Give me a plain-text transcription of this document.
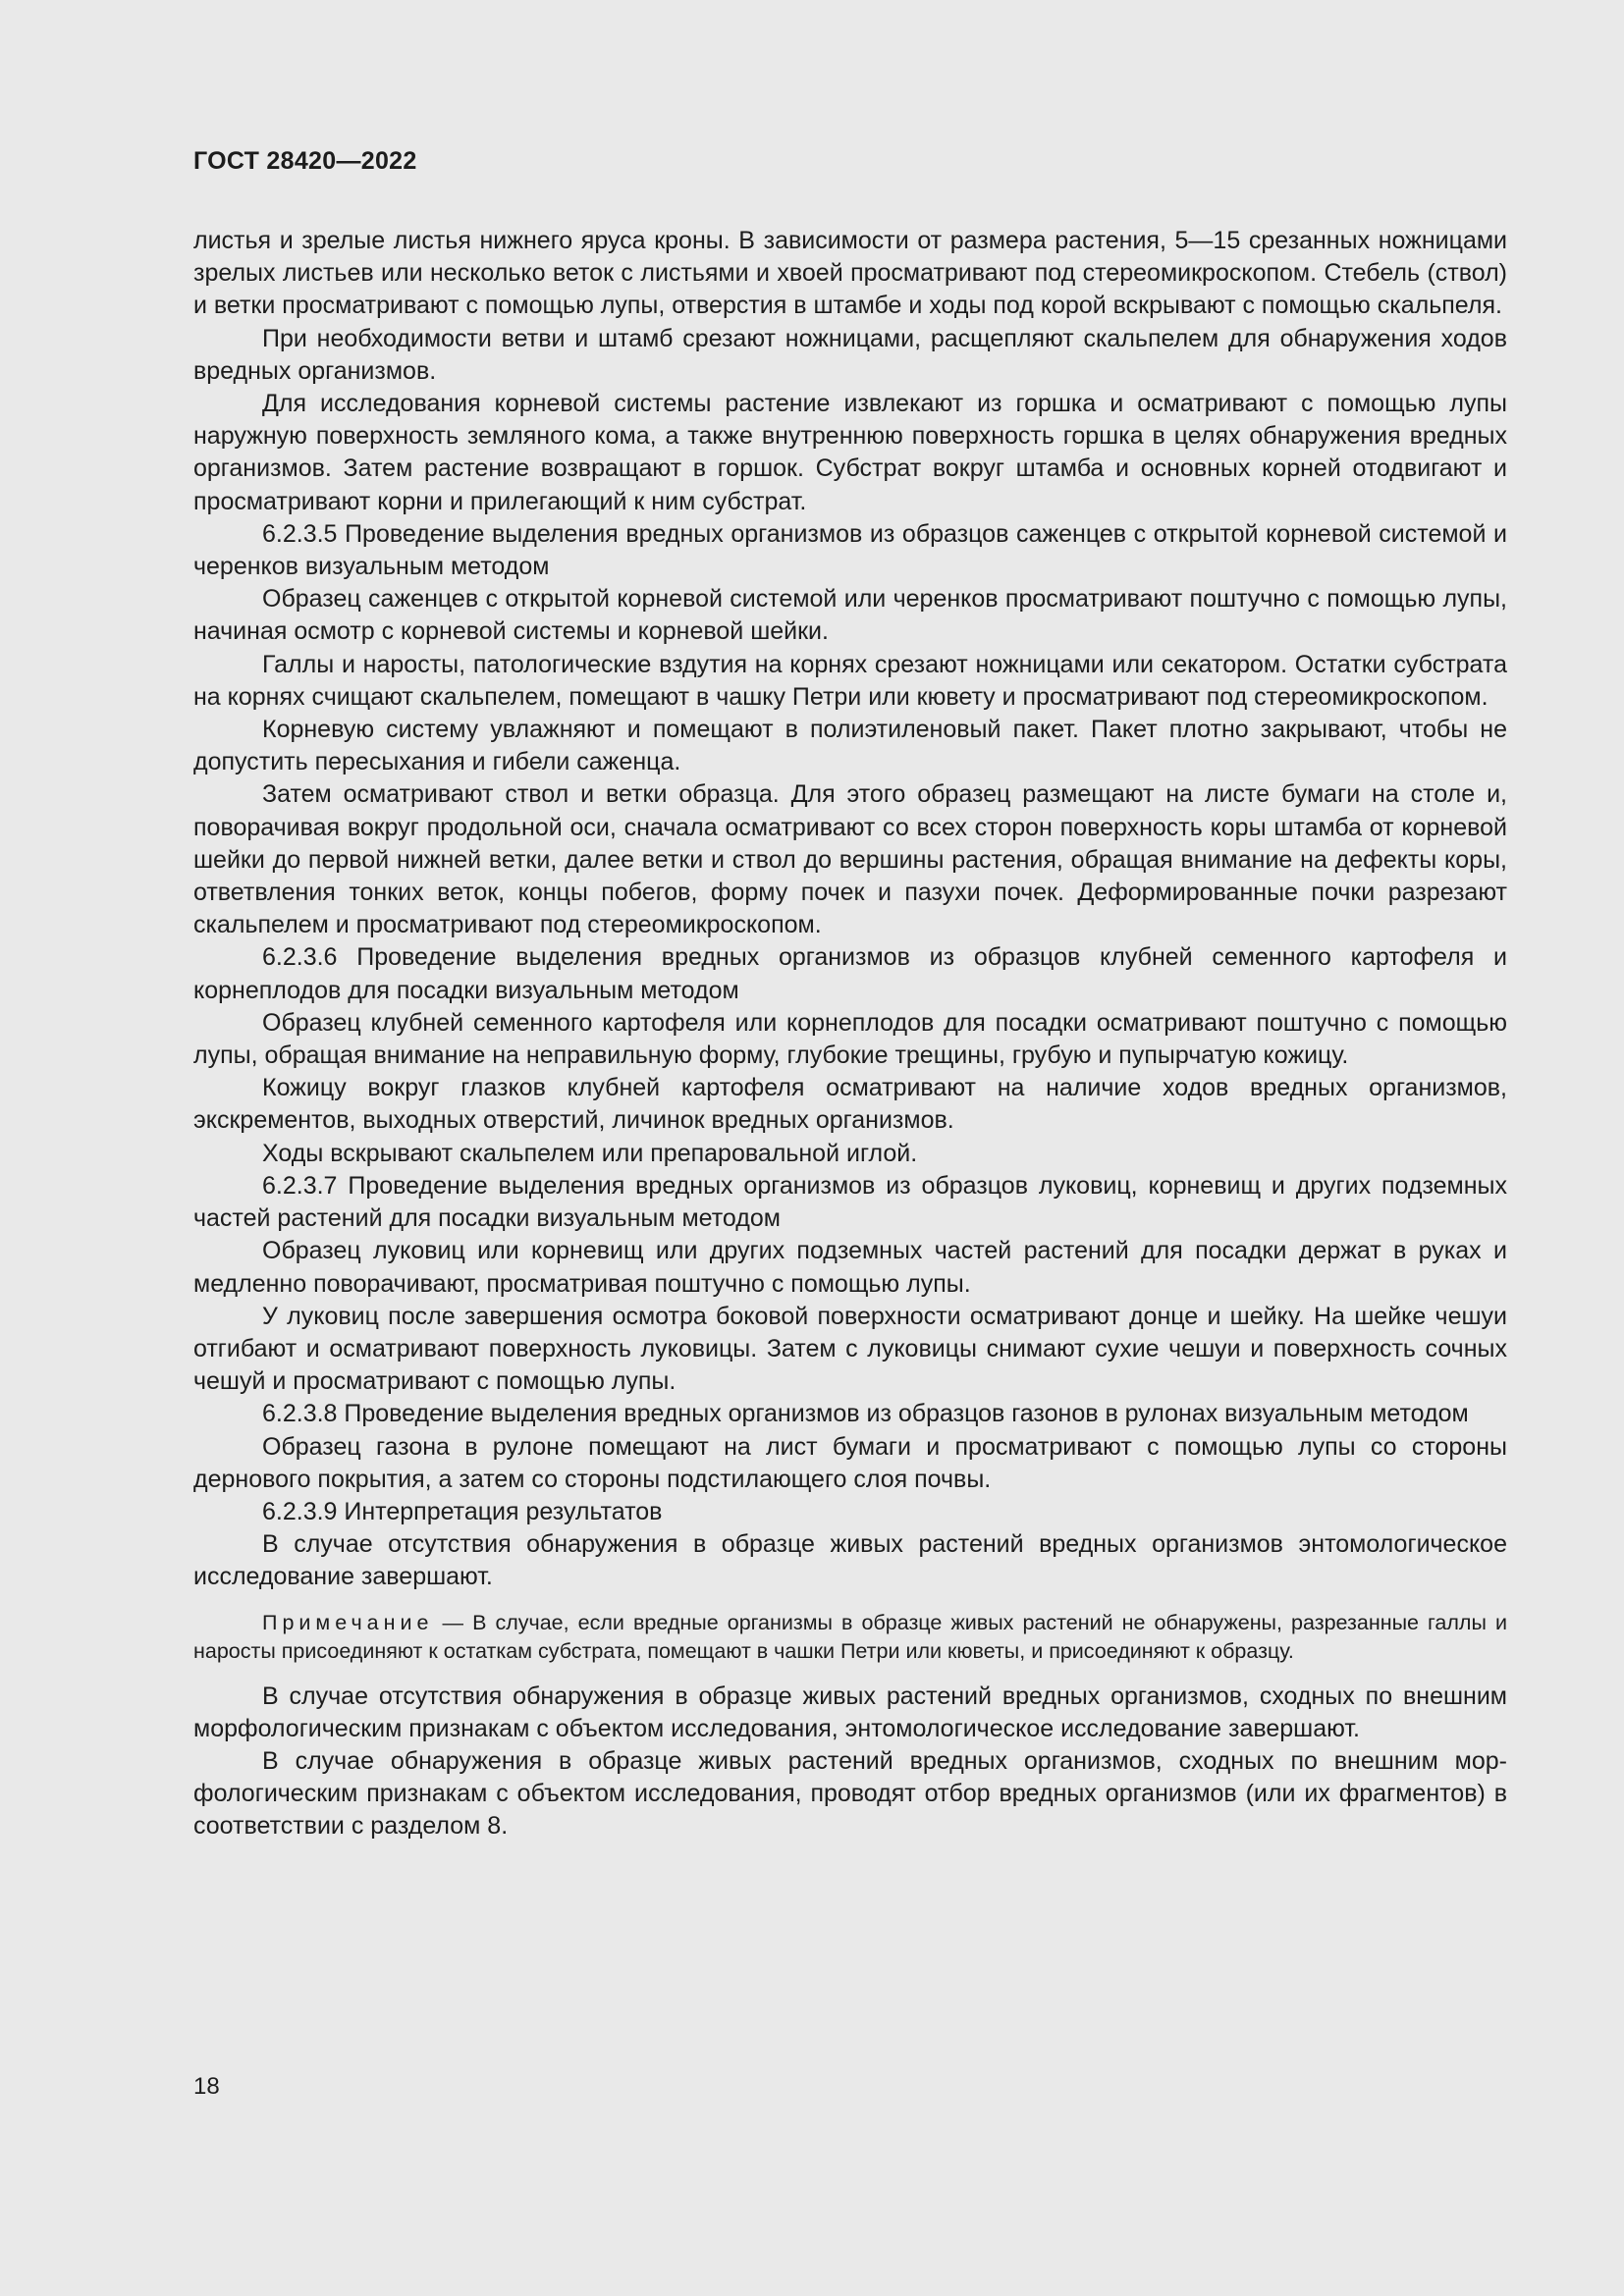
ГОСТ 28420—2022

листья и зрелые листья нижнего яруса кроны. В зависимости от размера растения, 5—15 срезанных ножницами зрелых листьев или несколько веток с листьями и хвоей просматривают под стереомикроскопом. Стебель (ствол) и ветки просматривают с помощью лупы, отверстия в штамбе и ходы под корой вскрывают с помощью скальпеля.

При необходимости ветви и штамб срезают ножницами, расщепляют скальпелем для обнаружения ходов вредных организмов.

Для исследования корневой системы растение извлекают из горшка и осматривают с помощью лупы наружную поверхность земляного кома, а также внутреннюю поверхность горшка в целях обнаружения вредных организмов. Затем растение возвращают в горшок. Субстрат вокруг штамба и основных корней отодвигают и просматривают корни и прилегающий к ним субстрат.

6.2.3.5 Проведение выделения вредных организмов из образцов саженцев с открытой корневой системой и черенков визуальным методом

Образец саженцев с открытой корневой системой или черенков просматривают поштучно с помощью лупы, начиная осмотр с корневой системы и корневой шейки.

Галлы и наросты, патологические вздутия на корнях срезают ножницами или секатором. Остатки субстрата на корнях счищают скальпелем, помещают в чашку Петри или кювету и просматривают под стереомикроскопом.

Корневую систему увлажняют и помещают в полиэтиленовый пакет. Пакет плотно закрывают, чтобы не допустить пересыхания и гибели саженца.

Затем осматривают ствол и ветки образца. Для этого образец размещают на листе бумаги на столе и, поворачивая вокруг продольной оси, сначала осматривают со всех сторон поверхность коры штамба от корневой шейки до первой нижней ветки, далее ветки и ствол до вершины растения, обращая внимание на дефекты коры, ответвления тонких веток, концы побегов, форму почек и пазухи почек. Деформированные почки разрезают скальпелем и просматривают под стереомикроскопом.

6.2.3.6 Проведение выделения вредных организмов из образцов клубней семенного картофеля и корнеплодов для посадки визуальным методом

Образец клубней семенного картофеля или корнеплодов для посадки осматривают поштучно с помощью лупы, обращая внимание на неправильную форму, глубокие трещины, грубую и пупырчатую кожицу.

Кожицу вокруг глазков клубней картофеля осматривают на наличие ходов вредных организмов, экскрементов, выходных отверстий, личинок вредных организмов.

Ходы вскрывают скальпелем или препаровальной иглой.

6.2.3.7 Проведение выделения вредных организмов из образцов луковиц, корневищ и других подземных частей растений для посадки визуальным методом

Образец луковиц или корневищ или других подземных частей растений для посадки держат в руках и медленно поворачивают, просматривая поштучно с помощью лупы.

У луковиц после завершения осмотра боковой поверхности осматривают донце и шейку. На шейке чешуи отгибают и осматривают поверхность луковицы. Затем с луковицы снимают сухие чешуи и поверхность сочных чешуй и просматривают с помощью лупы.

6.2.3.8 Проведение выделения вредных организмов из образцов газонов в рулонах визуальным методом

Образец газона в рулоне помещают на лист бумаги и просматривают с помощью лупы со стороны дернового покрытия, а затем со стороны подстилающего слоя почвы.

6.2.3.9 Интерпретация результатов

В случае отсутствия обнаружения в образце живых растений вредных организмов энтомологическое исследование завершают.

Примечание — В случае, если вредные организмы в образце живых растений не обнаружены, разрезанные галлы и наросты присоединяют к остаткам субстрата, помещают в чашки Петри или кюветы, и присоединяют к образцу.

В случае отсутствия обнаружения в образце живых растений вредных организмов, сходных по внешним морфологическим признакам с объектом исследования, энтомологическое исследование завершают.

В случае обнаружения в образце живых растений вредных организмов, сходных по внешним морфологическим признакам с объектом исследования, проводят отбор вредных организмов (или их фрагментов) в соответствии с разделом 8.

18
